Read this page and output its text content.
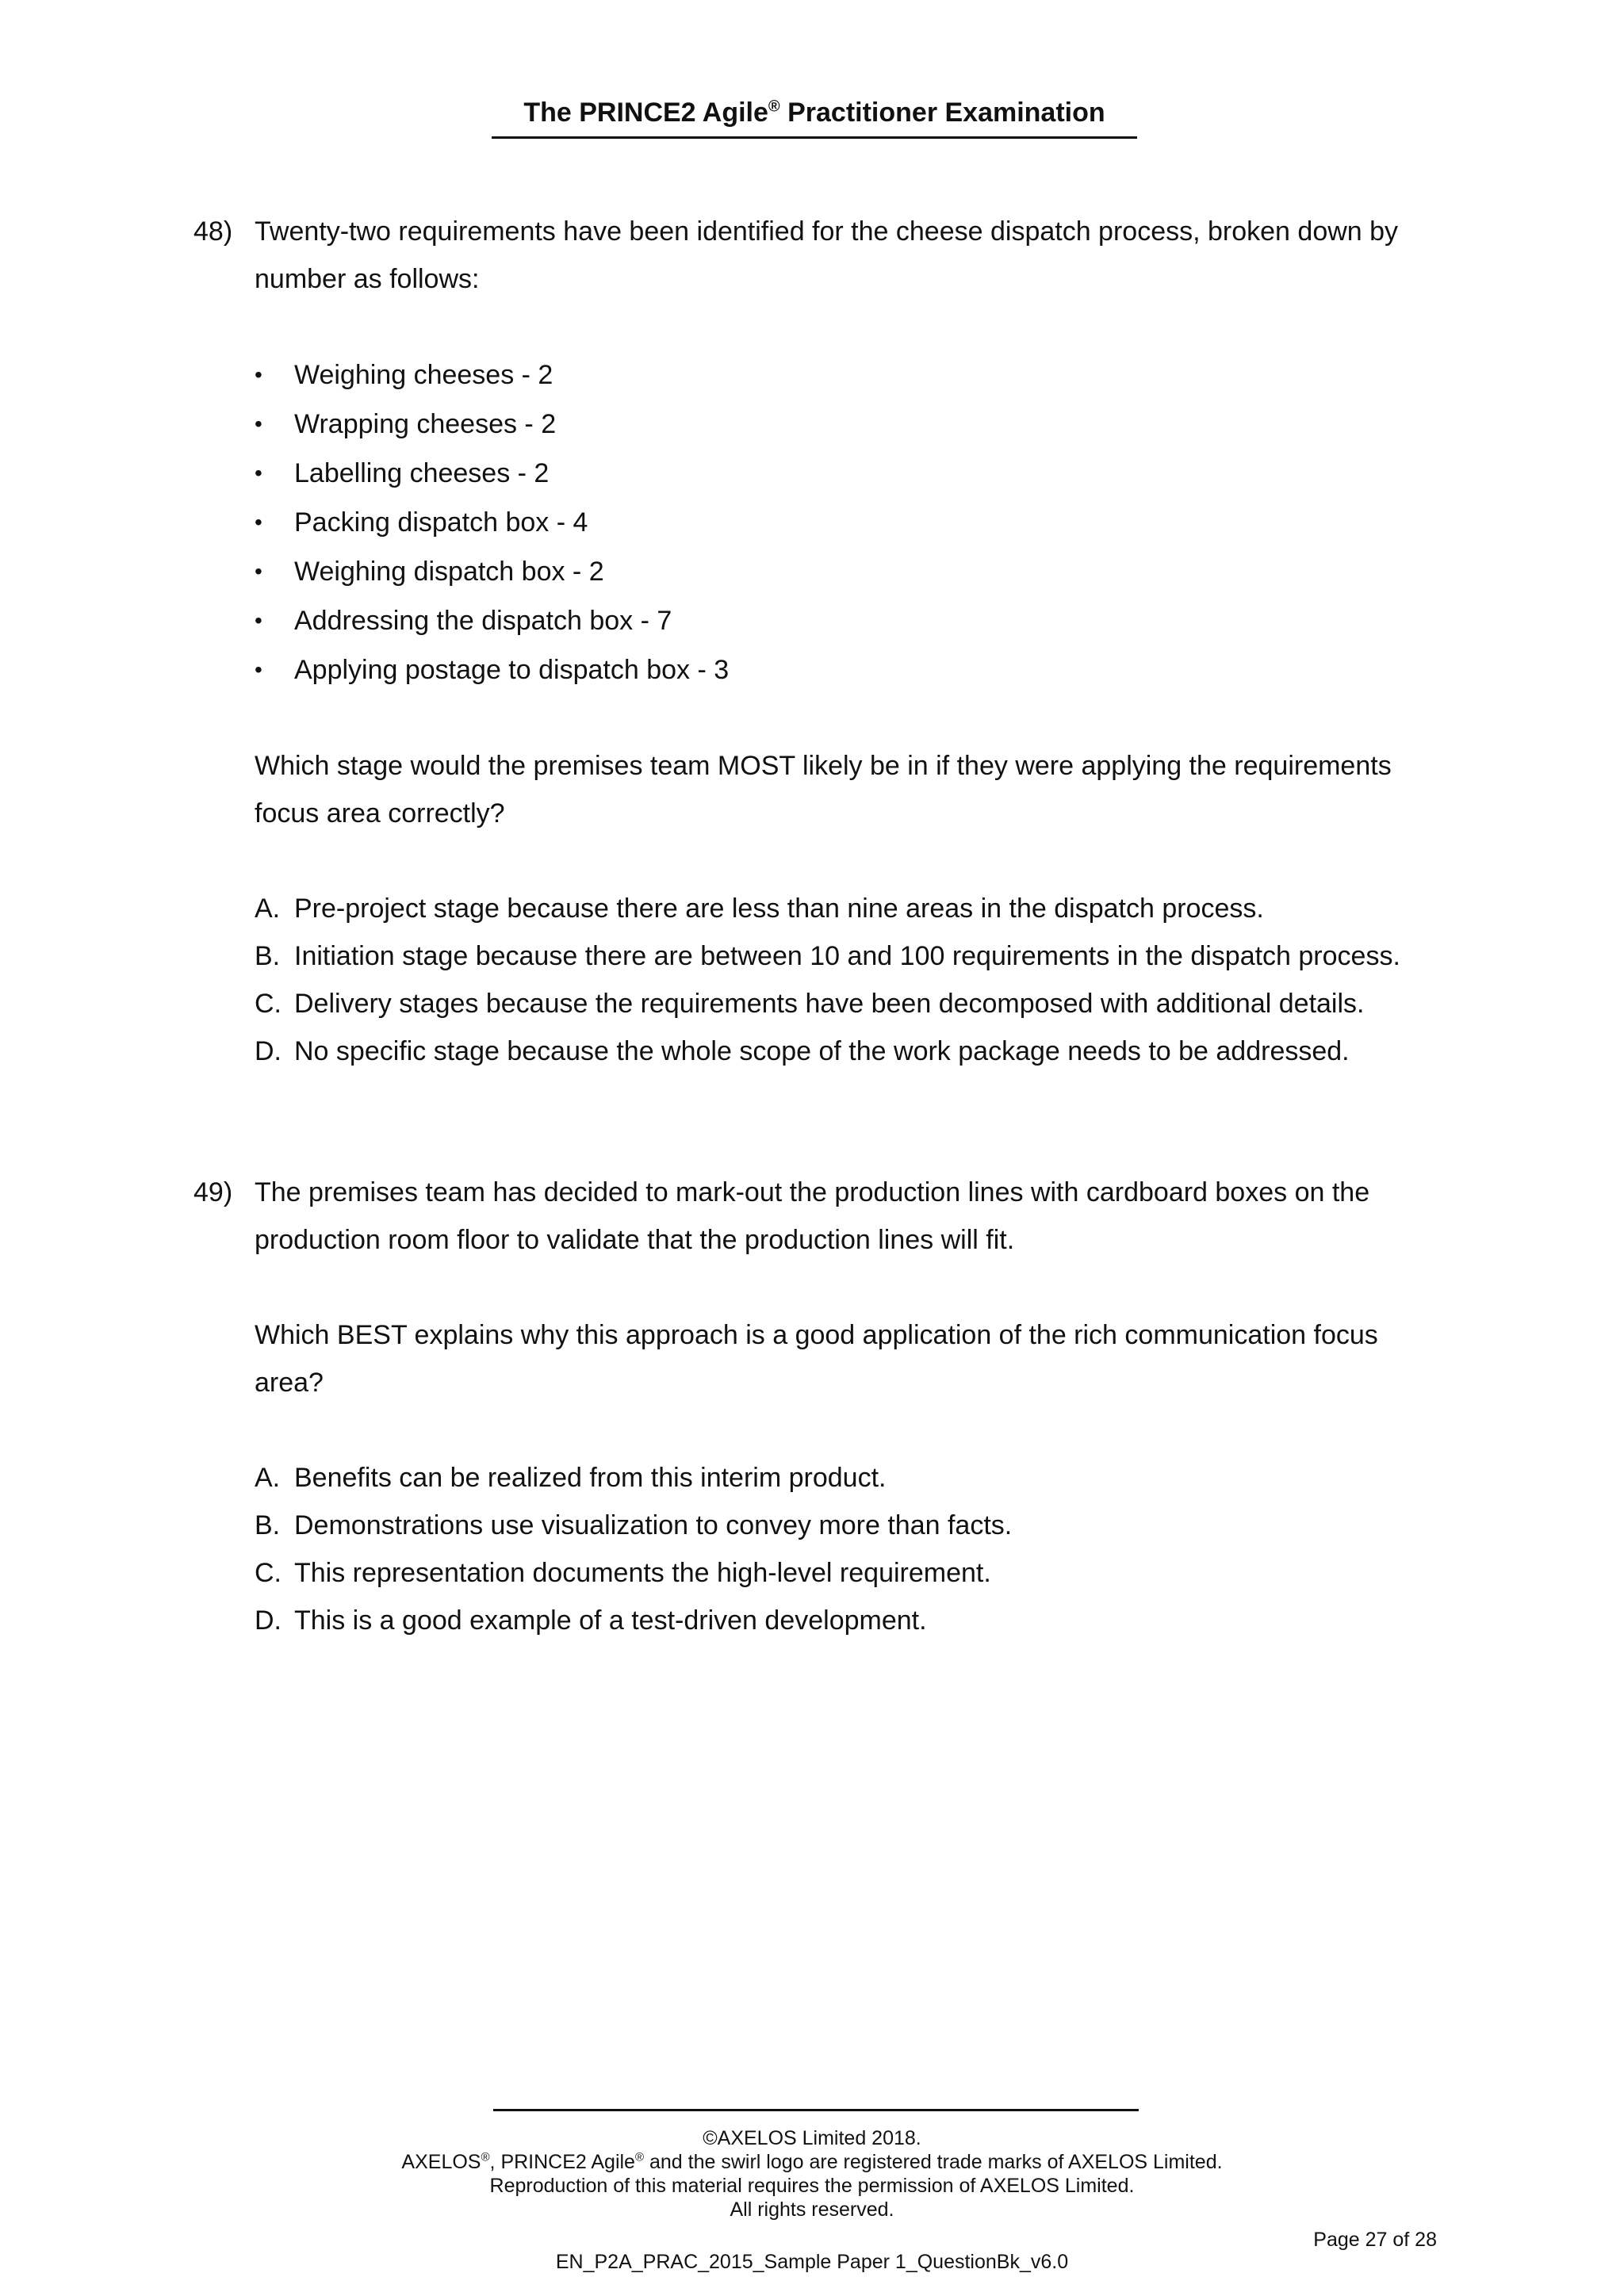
The PRINCE2 Agile® Practitioner Examination
48) Twenty-two requirements have been identified for the cheese dispatch process, broken down by
number as follows:

•	Weighing cheeses - 2
•	Wrapping cheeses - 2
•	Labelling cheeses - 2
•	Packing dispatch box - 4
•	Weighing dispatch box - 2
•	Addressing the dispatch box - 7
•	Applying postage to dispatch box - 3

Which stage would the premises team MOST likely be in if they were applying the requirements
focus area correctly?

A. Pre-project stage because there are less than nine areas in the dispatch process.
B. Initiation stage because there are between 10 and 100 requirements in the dispatch process.
C. Delivery stages because the requirements have been decomposed with additional details.
D. No specific stage because the whole scope of the work package needs to be addressed.
49) The premises team has decided to mark-out the production lines with cardboard boxes on the
production room floor to validate that the production lines will fit.

Which BEST explains why this approach is a good application of the rich communication focus
area?

A. Benefits can be realized from this interim product.
B. Demonstrations use visualization to convey more than facts.
C. This representation documents the high-level requirement.
D. This is a good example of a test-driven development.
©AXELOS Limited 2018.
AXELOS®, PRINCE2 Agile® and the swirl logo are registered trade marks of AXELOS Limited.
Reproduction of this material requires the permission of AXELOS Limited.
All rights reserved.
Page 27 of 28
EN_P2A_PRAC_2015_Sample Paper 1_QuestionBk_v6.0
